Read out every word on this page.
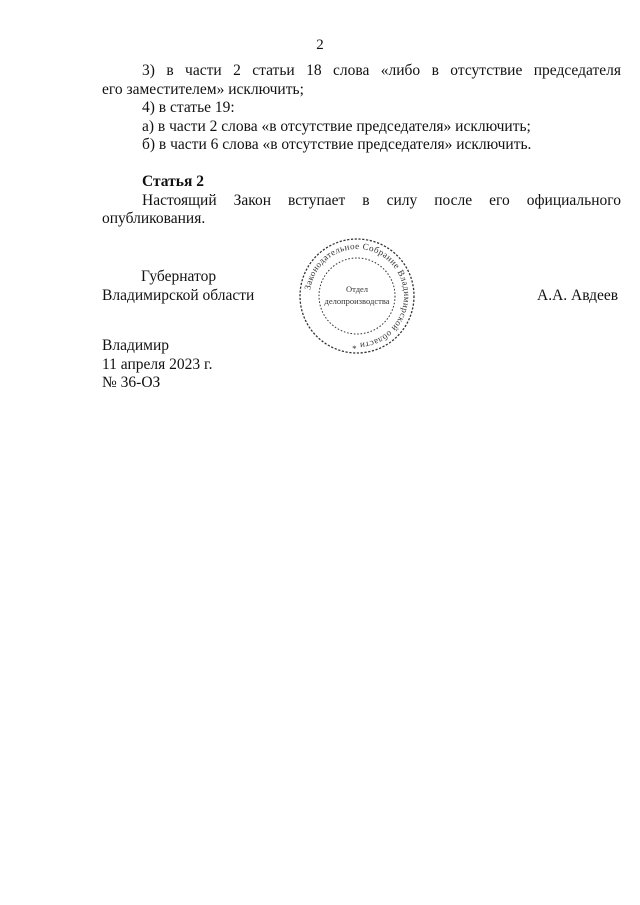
2

3) в части 2 статьи 18 слова «либо в отсутствие председателя

его заместителем» исключить;

4) в статье 19:

а) в части 2 слова «в отсутствие председателя» исключить;

б) в части 6 слова «в отсутствие председателя» исключить.

Статья 2

Настоящий Закон вступает в силу после его официального

опубликования.

Губернатор
Владимирской области	А.А. Авдеев
Законодательное Собрание Владимирской области *
Отдел
делопроизводства
Владимир
11 апреля 2023 г.
№ 36-ОЗ
